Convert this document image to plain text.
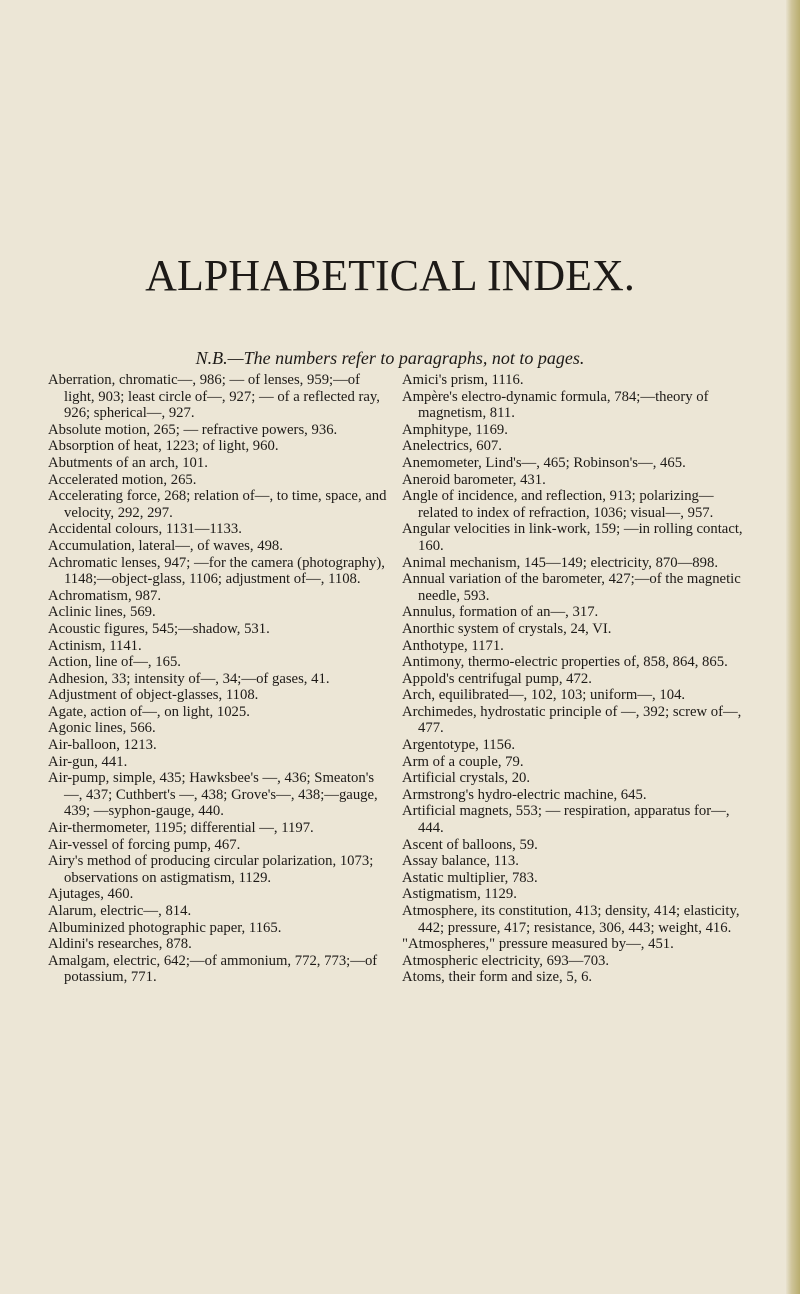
ALPHABETICAL INDEX.

N.B.—The numbers refer to paragraphs, not to pages.

Aberration, chromatic—, 986; — of lenses, 959;—of light, 903; least circle of—, 927; — of a reflected ray, 926; spherical—, 927.

Absolute motion, 265; — refractive powers, 936.

Absorption of heat, 1223; of light, 960.

Abutments of an arch, 101.

Accelerated motion, 265.

Accelerating force, 268; relation of—, to time, space, and velocity, 292, 297.

Accidental colours, 1131—1133.

Accumulation, lateral—, of waves, 498.

Achromatic lenses, 947; —for the camera (photography), 1148;—object-glass, 1106; adjustment of—, 1108.

Achromatism, 987.

Aclinic lines, 569.

Acoustic figures, 545;—shadow, 531.

Actinism, 1141.

Action, line of—, 165.

Adhesion, 33; intensity of—, 34;—of gases, 41.

Adjustment of object-glasses, 1108.

Agate, action of—, on light, 1025.

Agonic lines, 566.

Air-balloon, 1213.

Air-gun, 441.

Air-pump, simple, 435; Hawksbee's —, 436; Smeaton's—, 437; Cuthbert's —, 438; Grove's—, 438;—gauge, 439; —syphon-gauge, 440.

Air-thermometer, 1195; differential —, 1197.

Air-vessel of forcing pump, 467.

Airy's method of producing circular polarization, 1073; observations on astigmatism, 1129.

Ajutages, 460.

Alarum, electric—, 814.

Albuminized photographic paper, 1165.

Aldini's researches, 878.

Amalgam, electric, 642;—of ammonium, 772, 773;—of potassium, 771.

Amici's prism, 1116.

Ampère's electro-dynamic formula, 784;—theory of magnetism, 811.

Amphitype, 1169.

Anelectrics, 607.

Anemometer, Lind's—, 465; Robinson's—, 465.

Aneroid barometer, 431.

Angle of incidence, and reflection, 913; polarizing—related to index of refraction, 1036; visual—, 957.

Angular velocities in link-work, 159; —in rolling contact, 160.

Animal mechanism, 145—149; electricity, 870—898.

Annual variation of the barometer, 427;—of the magnetic needle, 593.

Annulus, formation of an—, 317.

Anorthic system of crystals, 24, VI.

Anthotype, 1171.

Antimony, thermo-electric properties of, 858, 864, 865.

Appold's centrifugal pump, 472.

Arch, equilibrated—, 102, 103; uniform—, 104.

Archimedes, hydrostatic principle of —, 392; screw of—, 477.

Argentotype, 1156.

Arm of a couple, 79.

Artificial crystals, 20.

Armstrong's hydro-electric machine, 645.

Artificial magnets, 553; — respiration, apparatus for—, 444.

Ascent of balloons, 59.

Assay balance, 113.

Astatic multiplier, 783.

Astigmatism, 1129.

Atmosphere, its constitution, 413; density, 414; elasticity, 442; pressure, 417; resistance, 306, 443; weight, 416.

"Atmospheres," pressure measured by—, 451.

Atmospheric electricity, 693—703.

Atoms, their form and size, 5, 6.
